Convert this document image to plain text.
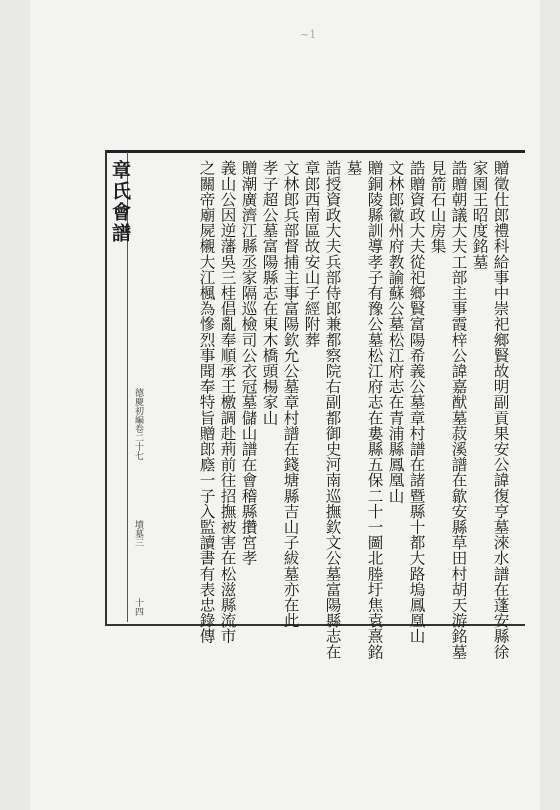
~1
章氏會譜
德慶初編卷二十七
墳墓三
十四	贈徵仕郎禮科給事中崇祀鄉賢故明副貢果安公諱復亨墓淶水譜在蓬安縣徐
家園王昭度銘墓
誥贈朝議大夫工部主事霞梓公諱嘉猷墓菽溪譜在歙安縣草田村胡天游銘墓
見箭石山房集
誥贈資政大夫從祀鄉賢富陽希義公墓章村譜在諸暨縣十都大路塢鳳凰山
文林郎徽州府教諭蘇公墓松江府志在青浦縣鳳凰山
贈銅陵縣訓導孝子有豫公墓松江府志在婁縣五保二十一圖北塍圩焦袁熹銘
墓
誥授資政大夫兵部侍郎兼都察院右副都御史河南巡撫欽文公墓富陽縣志在
章郎西南區故安山子經附葬
文林郎兵部督捕主事富陽欽允公墓章村譜在錢塘縣吉山子紱墓亦在此
孝子超公墓富陽縣志在東木橋頭楊家山
贈潮廣濟江縣丞家隔巡檢司公衣冠墓儲山譜在會稽縣攢宮孝
義山公因逆藩吳三桂倡亂奉順承王檄調赴荊前往招撫被害在松滋縣流市
之關帝廟屍櫬大江楓為慘烈事聞奉特旨贈郎廕一子入監讀書有表忠錄傳
